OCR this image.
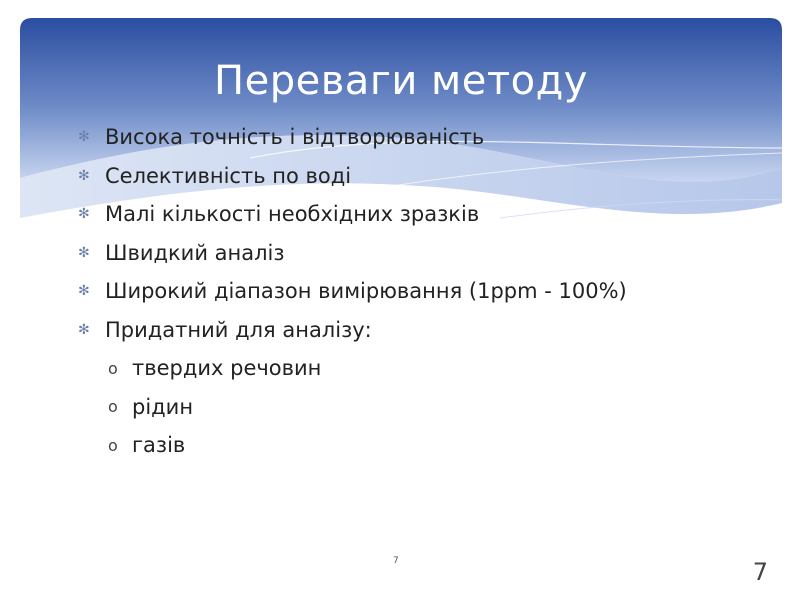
Переваги методу
✻ Висока точність і відтворюваність
✻ Селективність по воді
✻ Малі кількості необхідних зразків
✻ Швидкий аналіз
✻ Широкий діапазон вимірювання (1ppm - 100%)
✻ Придатний для аналізу:
o твердих речовин
o рідин
o газів
7	7
